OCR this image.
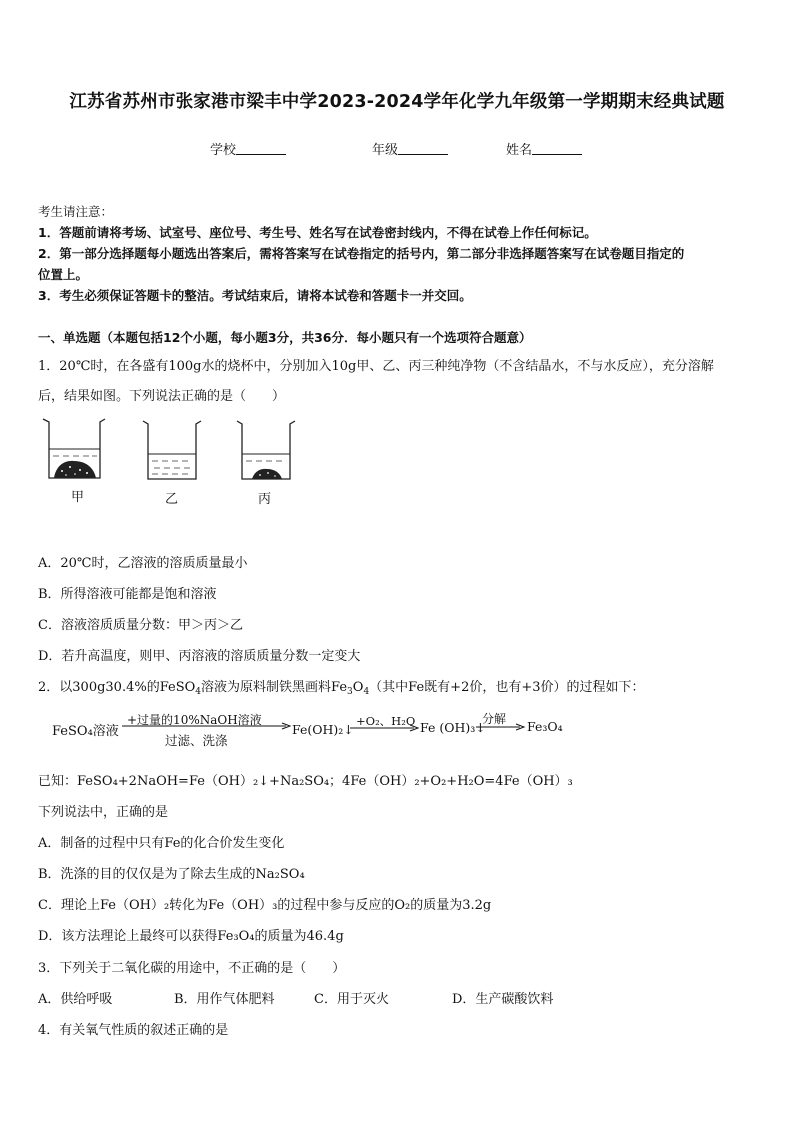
江苏省苏州市张家港市梁丰中学2023-2024学年化学九年级第一学期期末经典试题
学校	年级	姓名
考生请注意：
1．答题前请将考场、试室号、座位号、考生号、姓名写在试卷密封线内，不得在试卷上作任何标记。
2．第一部分选择题每小题选出答案后，需将答案写在试卷指定的括号内，第二部分非选择题答案写在试卷题目指定的
位置上。
3．考生必须保证答题卡的整洁。考试结束后，请将本试卷和答题卡一并交回。
一、单选题（本题包括12个小题，每小题3分，共36分．每小题只有一个选项符合题意）
1．20℃时，在各盛有100g水的烧杯中，分别加入10g甲、乙、丙三种纯净物（不含结晶水，不与水反应），充分溶解
后，结果如图。下列说法正确的是（　　）
甲	乙	丙
A．20℃时，乙溶液的溶质质量最小
B．所得溶液可能都是饱和溶液
C．溶液溶质质量分数：甲＞丙＞乙
D．若升高温度，则甲、丙溶液的溶质质量分数一定变大
2．以300g30.4%的FeSO$_4$溶液为原料制铁黑画料$Fe_3O_4$（其中Fe既有+2价，也有+3价）的过程如下：
FeSO₄溶液
+过量的10%NaOH溶液
过滤、洗涤
Fe(OH)₂↓
+O₂、H₂O Fe (OH)₃↓
分解 Fe₃O₄
已知：FeSO₄+2NaOH=Fe（OH）₂↓+Na₂SO₄；4Fe（OH）₂+O₂+H₂O=4Fe（OH）₃
下列说法中，正确的是
A．制备的过程中只有Fe的化合价发生变化
B．洗涤的目的仅仅是为了除去生成的Na₂SO₄
C．理论上Fe（OH）₂转化为Fe（OH）₃的过程中参与反应的O₂的质量为3.2g
D．该方法理论上最终可以获得Fe₃O₄的质量为46.4g
3．下列关于二氧化碳的用途中，不正确的是（　　）
A．供给呼吸	B．用作气体肥料	C．用于灭火	D．生产碳酸饮料
4．有关氧气性质的叙述正确的是
